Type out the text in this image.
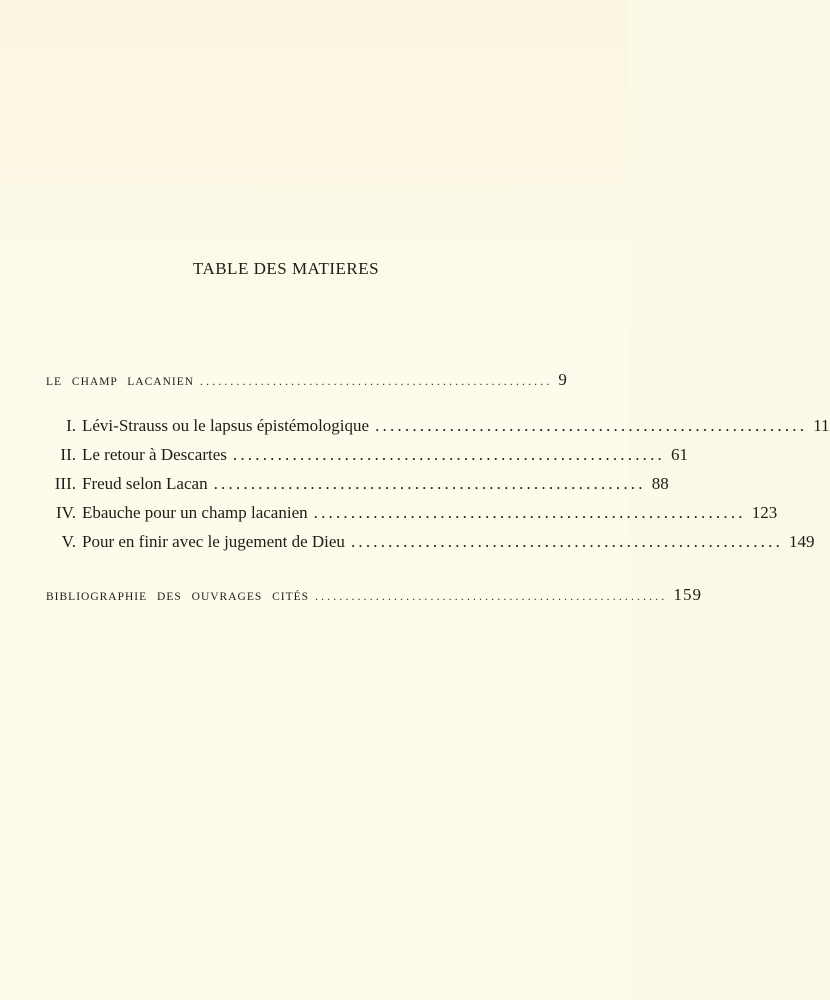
TABLE DES MATIERES
LE CHAMP LACANIEN .......................................................... 9
I. Lévi-Strauss ou le lapsus épistémologique .......................................................... 11
II. Le retour à Descartes .......................................................... 61
III. Freud selon Lacan .......................................................... 88
IV. Ebauche pour un champ lacanien .......................................................... 123
V. Pour en finir avec le jugement de Dieu .......................................................... 149
BIBLIOGRAPHIE DES OUVRAGES CITÉS .......................................................... 159
